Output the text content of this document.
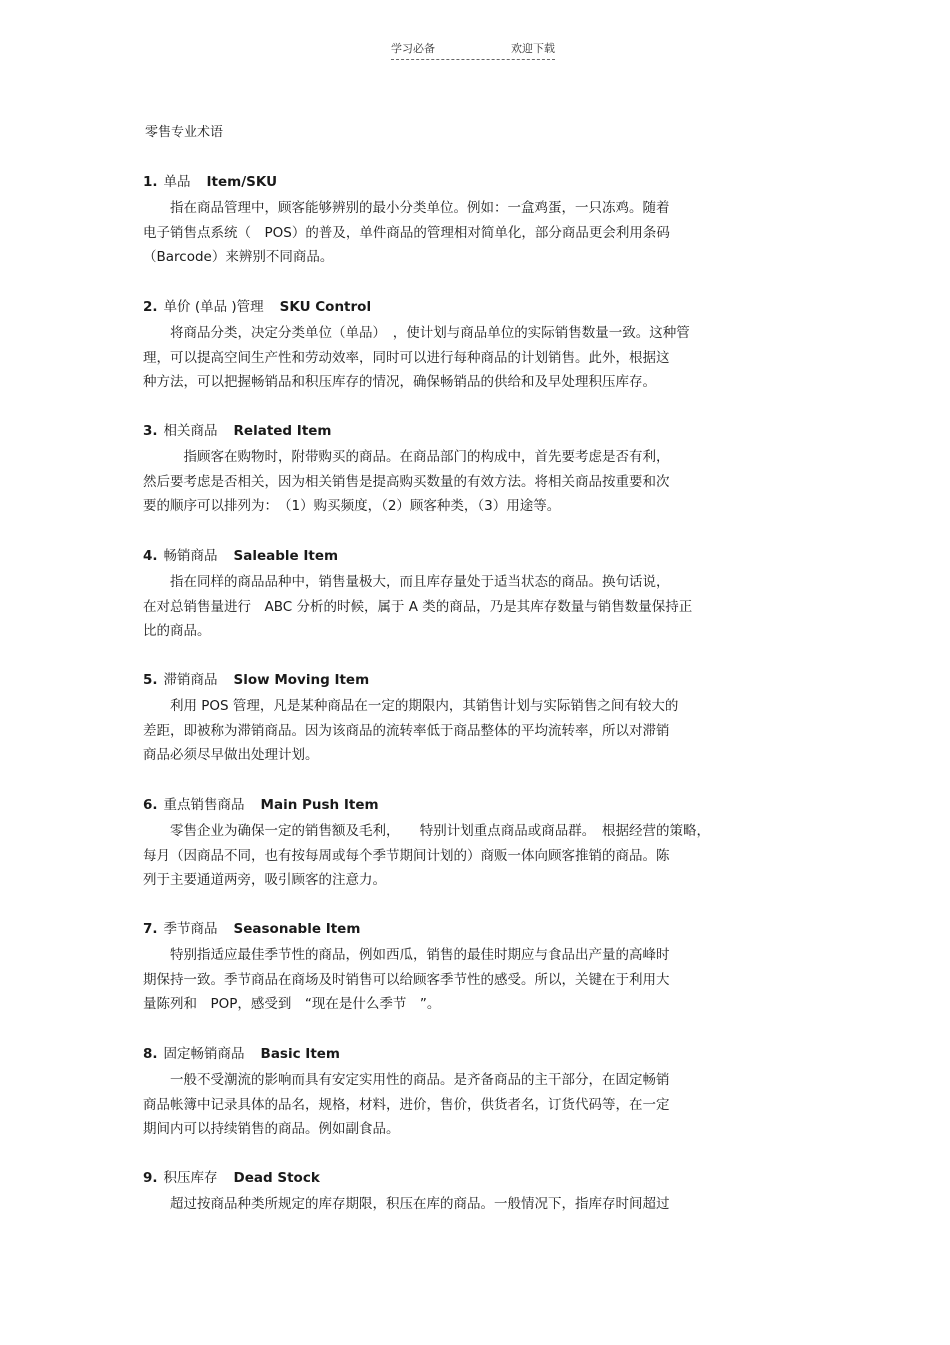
学习必备	欢迎下载
零售专业术语
1. 单品 Item/SKU
　　指在商品管理中，顾客能够辨别的最小分类单位。例如：一盒鸡蛋，一只冻鸡。随着
电子销售点系统（　POS）的普及，单件商品的管理相对简单化，部分商品更会利用条码
（Barcode）来辨别不同商品。
2. 单价 (单品 )管理 SKU Control
　　将商品分类，决定分类单位（单品）　，使计划与商品单位的实际销售数量一致。这种管
理，可以提高空间生产性和劳动效率，同时可以进行每种商品的计划销售。此外，根据这
种方法，可以把握畅销品和积压库存的情况，确保畅销品的供给和及早处理积压库存。
3. 相关商品 Related Item
　　　指顾客在购物时，附带购买的商品。在商品部门的构成中，首先要考虑是否有利，
然后要考虑是否相关，因为相关销售是提高购买数量的有效方法。将相关商品按重要和次
要的顺序可以排列为：　（1）购买频度，（2）顾客种类，（3）用途等。
4. 畅销商品 Saleable Item
　　指在同样的商品品种中，销售量极大，而且库存量处于适当状态的商品。换句话说，
在对总销售量进行　ABC 分析的时候，属于 A 类的商品，乃是其库存数量与销售数量保持正
比的商品。
5. 滞销商品 Slow Moving Item
　　利用 POS 管理，凡是某种商品在一定的期限内，其销售计划与实际销售之间有较大的
差距，即被称为滞销商品。因为该商品的流转率低于商品整体的平均流转率，所以对滞销
商品必须尽早做出处理计划。
6. 重点销售商品 Main Push Item
　　零售企业为确保一定的销售额及毛利，　　特别计划重点商品或商品群。　根据经营的策略，
每月（因商品不同，也有按每周或每个季节期间计划的）商贩一体向顾客推销的商品。陈
列于主要通道两旁，吸引顾客的注意力。
7. 季节商品 Seasonable Item
　　特别指适应最佳季节性的商品，例如西瓜，销售的最佳时期应与食品出产量的高峰时
期保持一致。季节商品在商场及时销售可以给顾客季节性的感受。所以，关键在于利用大
量陈列和　POP，感受到　“现在是什么季节　”。
8. 固定畅销商品 Basic Item
　　一般不受潮流的影响而具有安定实用性的商品。是齐备商品的主干部分，在固定畅销
商品帐簿中记录具体的品名，规格，材料，进价，售价，供货者名，订货代码等，在一定
期间内可以持续销售的商品。例如副食品。
9. 积压库存 Dead Stock
　　超过按商品种类所规定的库存期限，积压在库的商品。一般情况下，指库存时间超过
